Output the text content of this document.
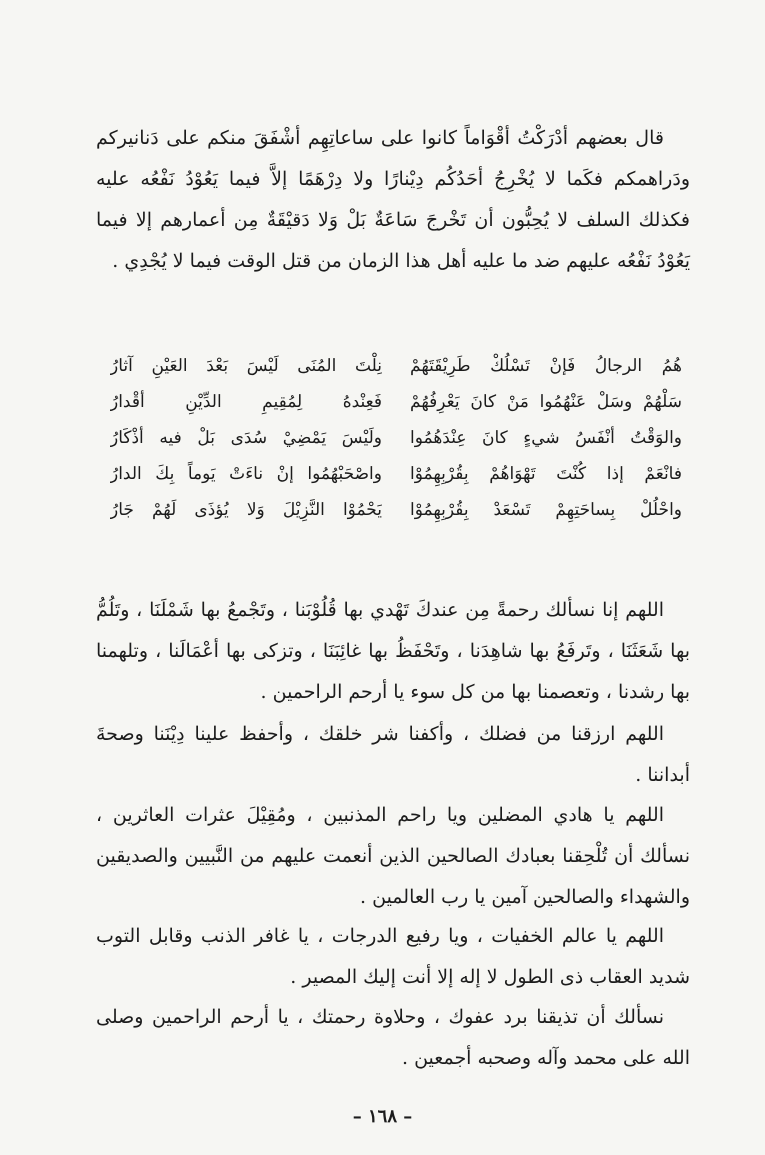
قال بعضهم أدْرَكْتُ أقْوَاماً كانوا على ساعاتِهِم أشْفَقَ منكم على دَنانيركم ودَراهمكم فكَما لا يُخْرِجُ أحَدُكُم دِيْنارًا ولا دِرْهَمًا إلاَّ فيما يَعُوْدُ نَفْعُه عليه فكذلك السلف لا يُحِبُّون أن تَخْرجَ سَاعَةٌ بَلْ وَلا دَقيْقَةٌ مِن أعمارهم إلا فيما يَعُوْدُ نَفْعُه عليهم ضد ما عليه أهل هذا الزمان من قتل الوقت فيما لا يُجْدِي .

هُمُ الرجالُ فَإنْ تَسْلُكْ طَرِيْقَتَهُمْ
نِلْتَ المُنَى لَيْسَ بَعْدَ العَيْنِ آثارُ
سَلْهُمْ وسَلْ عَنْهُمُوا مَنْ كانَ يَعْرِفُهُمْ
فَعِنْدهُ لِمُقِيمِ الدِّيْنِ أقْدارُ
والوَقْتُ أنْفَسُ شيءٍ كانَ عِنْدَهُمُوا
ولَيْسَ يَمْضِيْ سُدَى بَلْ فيه أذْكَارُ
فانْعَمْ إذا كُنْتَ تَهْوَاهُمْ بِقُرْبِهِمُوْا
واصْحَبْهُمُوا إنْ ناءَتْ يَوماً بِكَ الدارُ
واحْلُلْ بِساحَتِهِمْ تَسْعَدْ بِقُرْبِهِمُوْا
يَحْمُوْا النَّزِيْلَ وَلا يُؤذَى لَهُمْ جَارُ

اللهم إنا نسألك رحمةً مِن عندكَ تَهْدي بها قُلُوْبَنا ، وتَجْمعُ بها شَمْلَنَا ، وتَلُمُّ بها شَعَثَنَا ، وتَرفَعُ بها شاهِدَنا ، وتَحْفَظُ بها غائِبَنَا ، وتزكى بها أعْمَالَنا ، وتلهمنا بها رشدنا ، وتعصمنا بها من كل سوء يا أرحم الراحمين .

اللهم ارزقنا من فضلك ، وأكفنا شر خلقك ، وأحفظ علينا دِيْنَنا وصحةَ أبداننا .

اللهم يا هادي المضلين ويا راحم المذنبين ، ومُقِيْلَ عثرات العاثرين ، نسألك أن تُلْحِقنا بعبادك الصالحين الذين أنعمت عليهم من النَّبيين والصديقين والشهداء والصالحين آمين يا رب العالمين .

اللهم يا عالم الخفيات ، ويا رفيع الدرجات ، يا غافر الذنب وقابل التوب شديد العقاب ذى الطول لا إله إلا أنت إليك المصير .

نسألك أن تذيقنا برد عفوك ، وحلاوة رحمتك ، يا أرحم الراحمين وصلى الله على محمد وآله وصحبه أجمعين .

– ١٦٨ –
